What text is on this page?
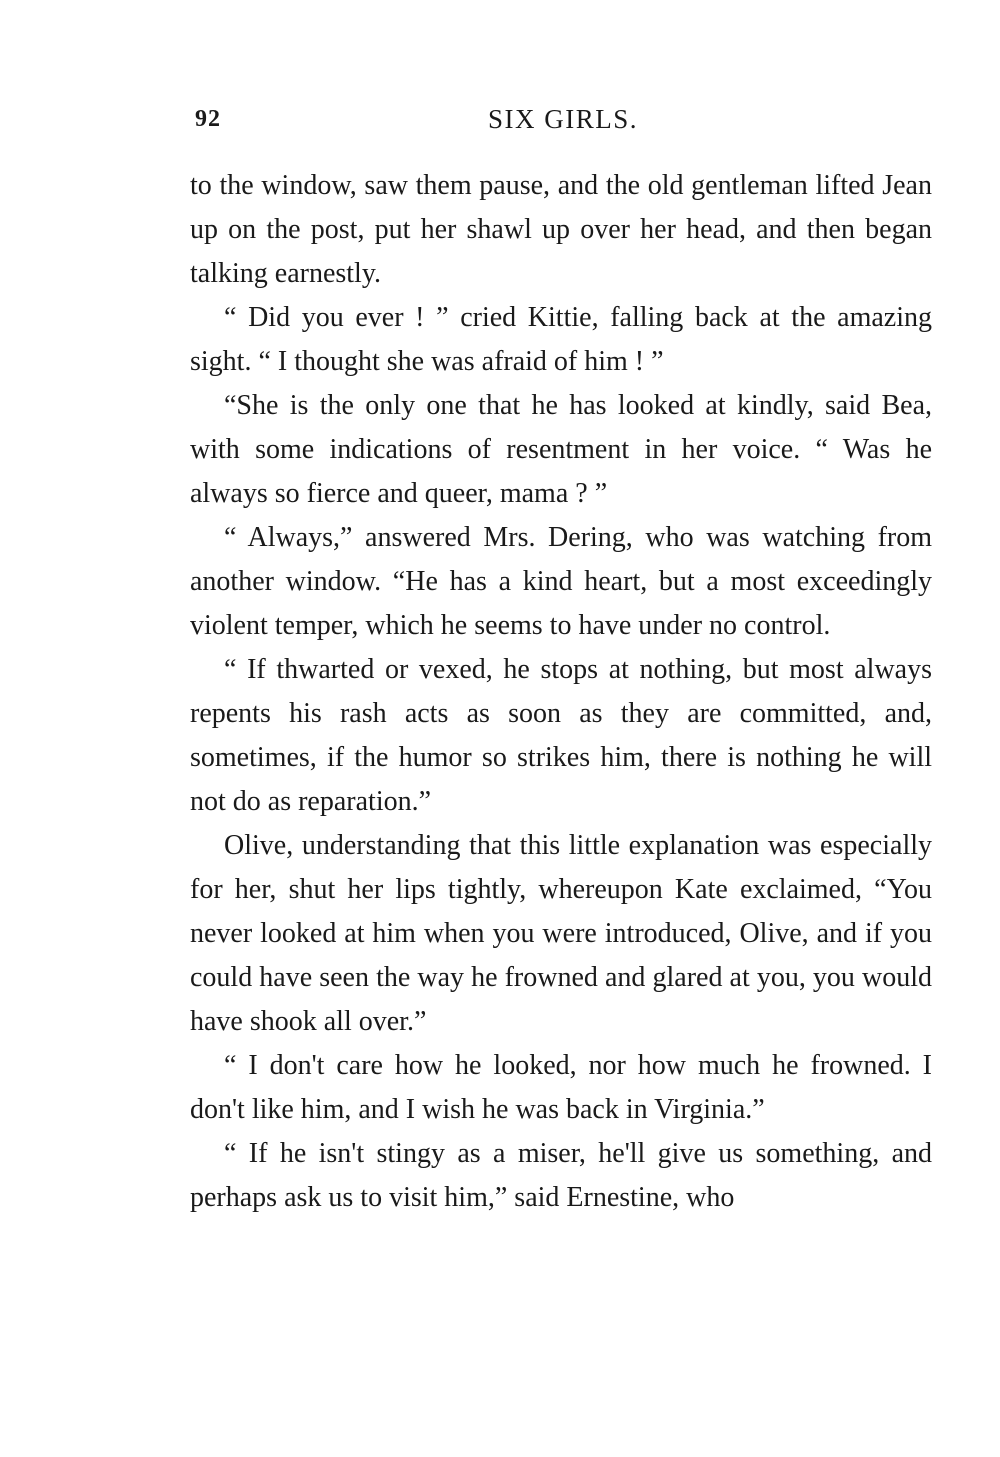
92	SIX GIRLS.

to the window, saw them pause, and the old gentleman lifted Jean up on the post, put her shawl up over her head, and then began talking earnestly.

“ Did you ever ! ” cried Kittie, falling back at the amazing sight. “ I thought she was afraid of him ! ”

“She is the only one that he has looked at kindly, said Bea, with some indications of resentment in her voice. “ Was he always so fierce and queer, mama ? ”

“ Always,” answered Mrs. Dering, who was watching from another window. “He has a kind heart, but a most exceedingly violent temper, which he seems to have under no control.

“ If thwarted or vexed, he stops at nothing, but most always repents his rash acts as soon as they are committed, and, sometimes, if the humor so strikes him, there is nothing he will not do as reparation.”

Olive, understanding that this little explanation was especially for her, shut her lips tightly, whereupon Kate exclaimed, “You never looked at him when you were introduced, Olive, and if you could have seen the way he frowned and glared at you, you would have shook all over.”

“ I don't care how he looked, nor how much he frowned. I don't like him, and I wish he was back in Virginia.”

“ If he isn't stingy as a miser, he'll give us something, and perhaps ask us to visit him,” said Ernestine, who
